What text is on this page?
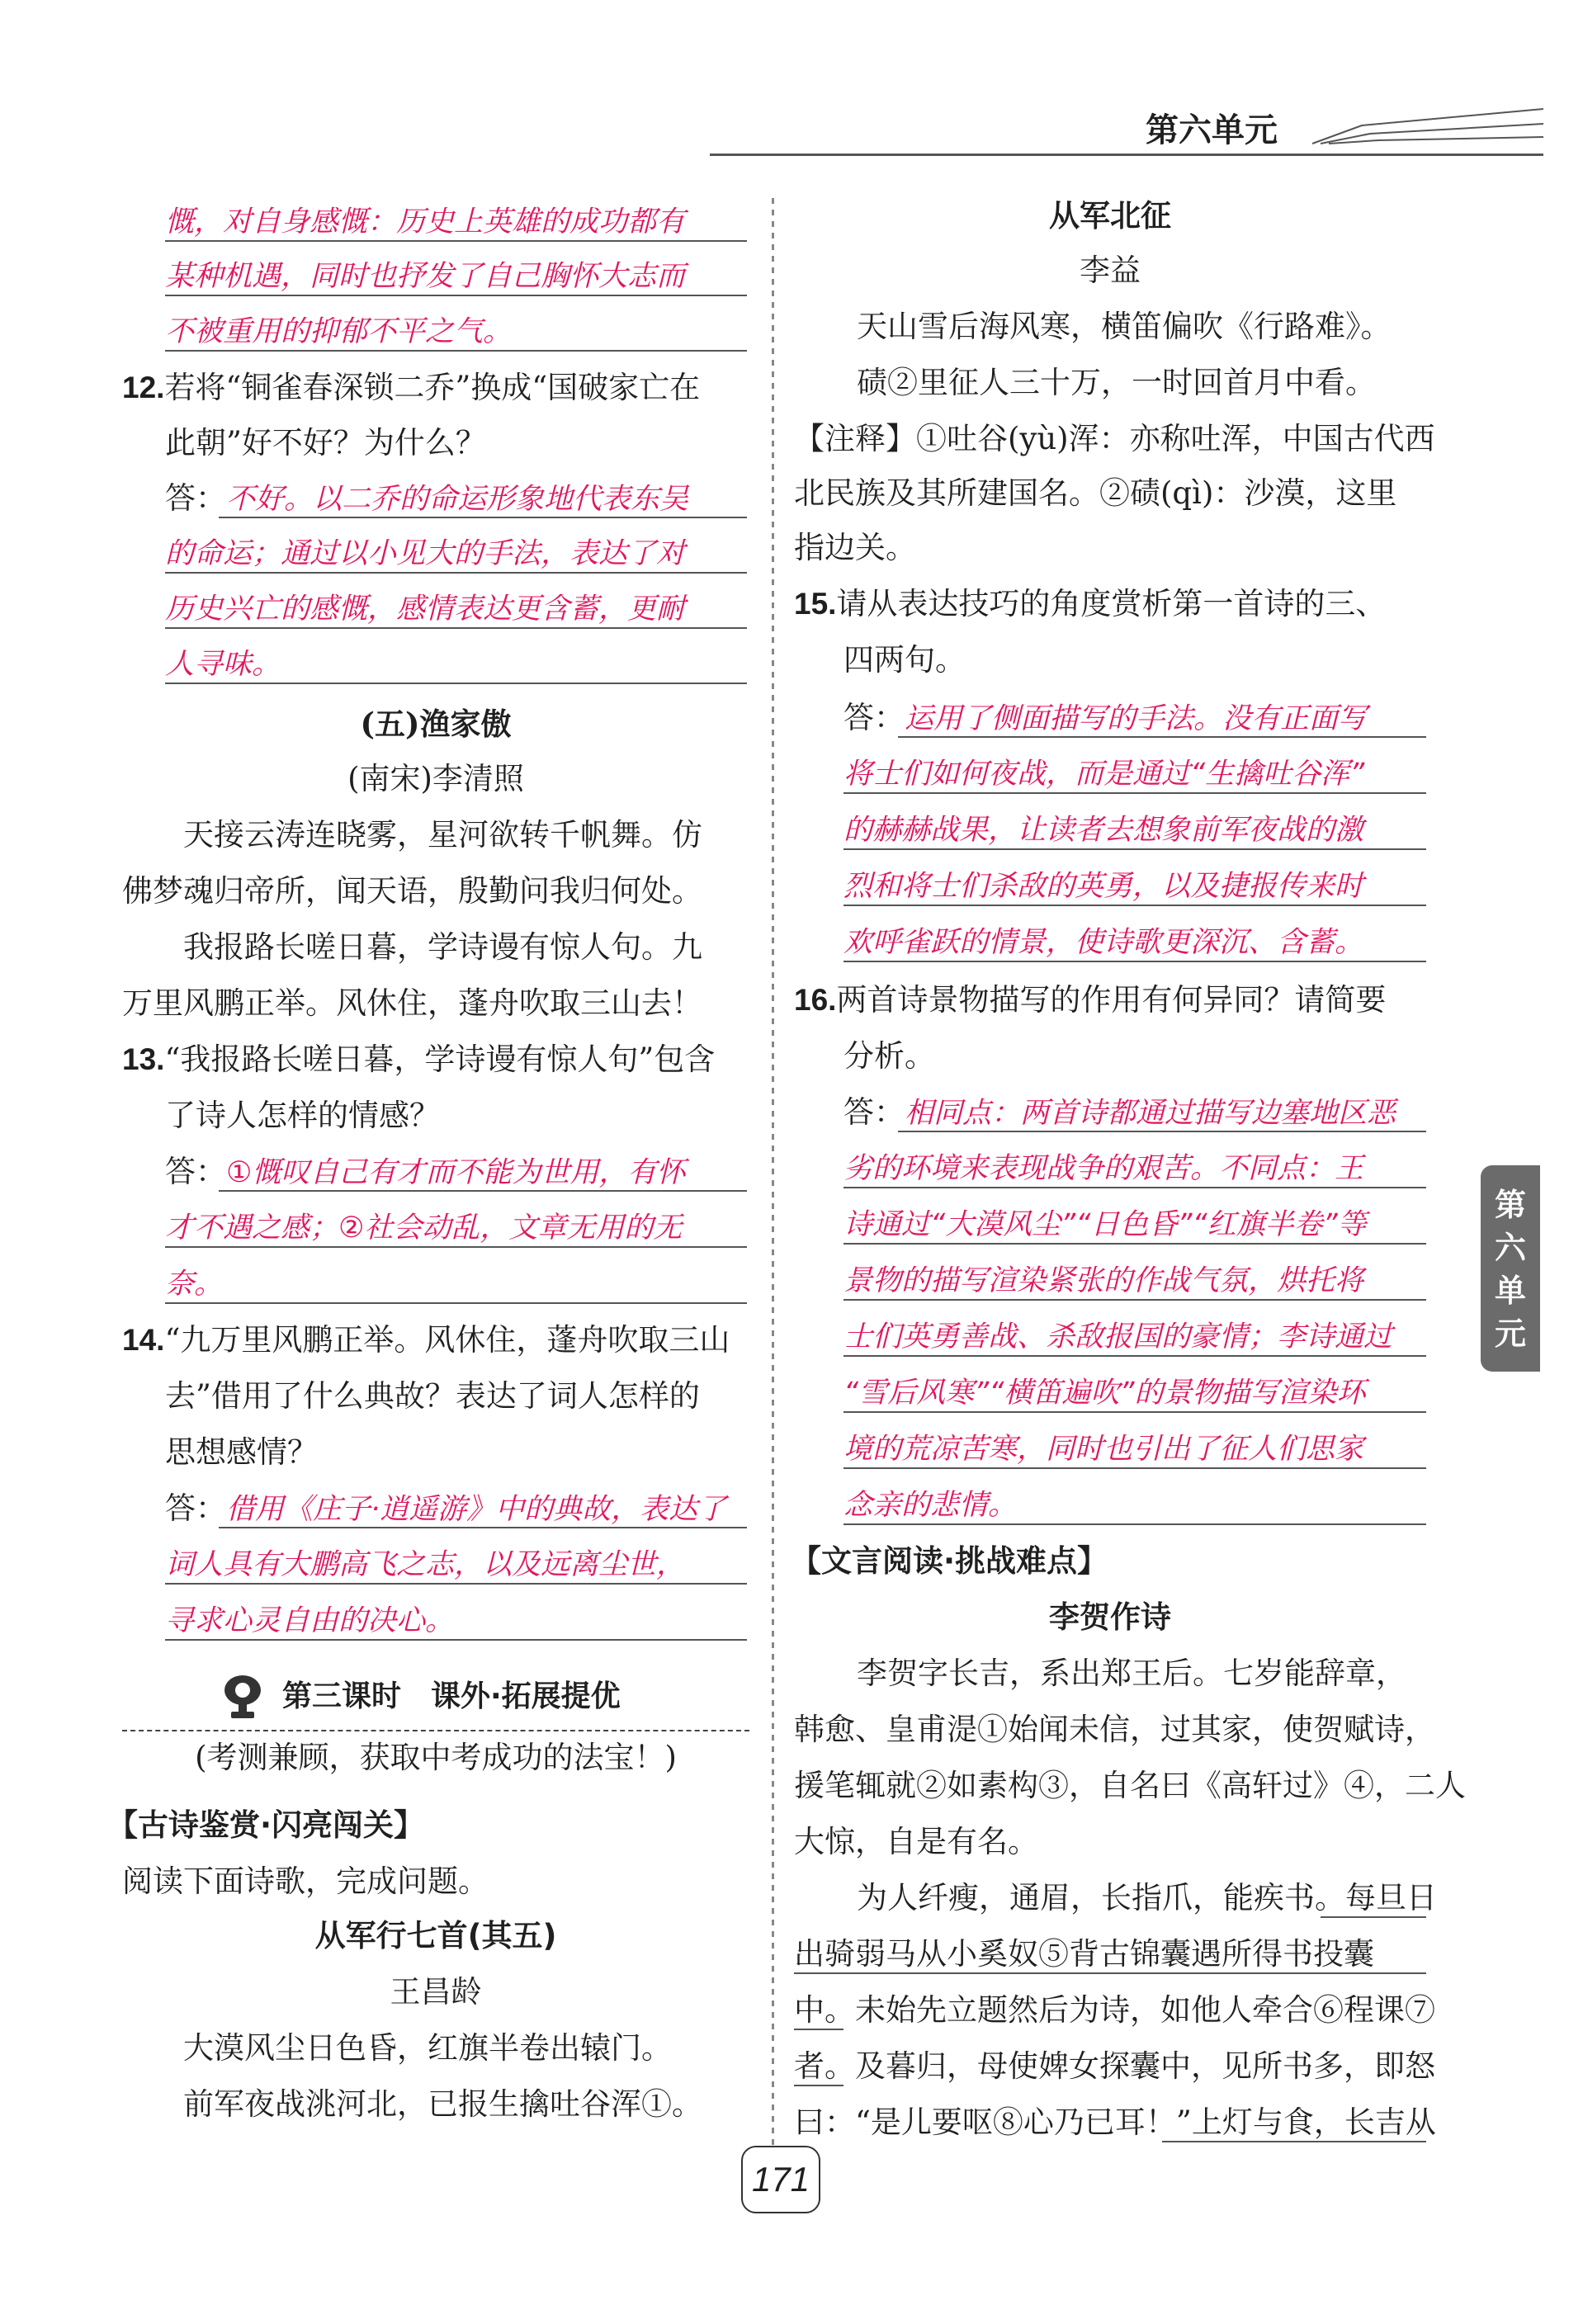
第六单元
第六单元
慨，对自身感慨：历史上英雄的成功都有
某种机遇，同时也抒发了自己胸怀大志而
不被重用的抑郁不平之气。
12.若将“铜雀春深锁二乔”换成“国破家亡在
此朝”好不好？为什么？
答：不好。以二乔的命运形象地代表东吴
的命运；通过以小见大的手法，表达了对
历史兴亡的感慨，感情表达更含蓄，更耐
人寻味。
(五)渔家傲
(南宋)李清照
天接云涛连晓雾，星河欲转千帆舞。仿
佛梦魂归帝所，闻天语，殷勤问我归何处。
我报路长嗟日暮，学诗谩有惊人句。九
万里风鹏正举。风休住，蓬舟吹取三山去！
13.“我报路长嗟日暮，学诗谩有惊人句”包含
了诗人怎样的情感？
答：①慨叹自己有才而不能为世用，有怀
才不遇之感；②社会动乱，文章无用的无
奈。
14.“九万里风鹏正举。风休住，蓬舟吹取三山
去”借用了什么典故？表达了词人怎样的
思想感情？
答：借用《庄子·逍遥游》中的典故，表达了
词人具有大鹏高飞之志，以及远离尘世，
寻求心灵自由的决心。
第三课时　课外·拓展提优
(考测兼顾，获取中考成功的法宝！)
【古诗鉴赏·闪亮闯关】
阅读下面诗歌，完成问题。
从军行七首(其五)
王昌龄
大漠风尘日色昏，红旗半卷出辕门。
前军夜战洮河北，已报生擒吐谷浑①。
从军北征
李益
天山雪后海风寒，横笛偏吹《行路难》。
碛②里征人三十万，一时回首月中看。
【注释】①吐谷(yù)浑：亦称吐浑，中国古代西
北民族及其所建国名。②碛(qì)：沙漠，这里
指边关。
15.请从表达技巧的角度赏析第一首诗的三、
四两句。
答：运用了侧面描写的手法。没有正面写
将士们如何夜战，而是通过“生擒吐谷浑”
的赫赫战果，让读者去想象前军夜战的激
烈和将士们杀敌的英勇，以及捷报传来时
欢呼雀跃的情景，使诗歌更深沉、含蓄。
16.两首诗景物描写的作用有何异同？请简要
分析。
答：相同点：两首诗都通过描写边塞地区恶
劣的环境来表现战争的艰苦。不同点：王
诗通过“大漠风尘”“日色昏”“红旗半卷”等
景物的描写渲染紧张的作战气氛，烘托将
士们英勇善战、杀敌报国的豪情；李诗通过
“雪后风寒”“横笛遍吹”的景物描写渲染环
境的荒凉苦寒，同时也引出了征人们思家
念亲的悲情。
【文言阅读·挑战难点】
李贺作诗
李贺字长吉，系出郑王后。七岁能辞章，
韩愈、皇甫湜①始闻未信，过其家，使贺赋诗，
援笔辄就②如素构③，自名曰《高轩过》④，二人
大惊，自是有名。
为人纤瘦，通眉，长指爪，能疾书。每旦日
出骑弱马从小奚奴⑤背古锦囊遇所得书投囊
中。未始先立题然后为诗，如他人牵合⑥程课⑦
者。及暮归，母使婢女探囊中，见所书多，即怒
曰：“是儿要呕⑧心乃已耳！”上灯与食，长吉从
171
